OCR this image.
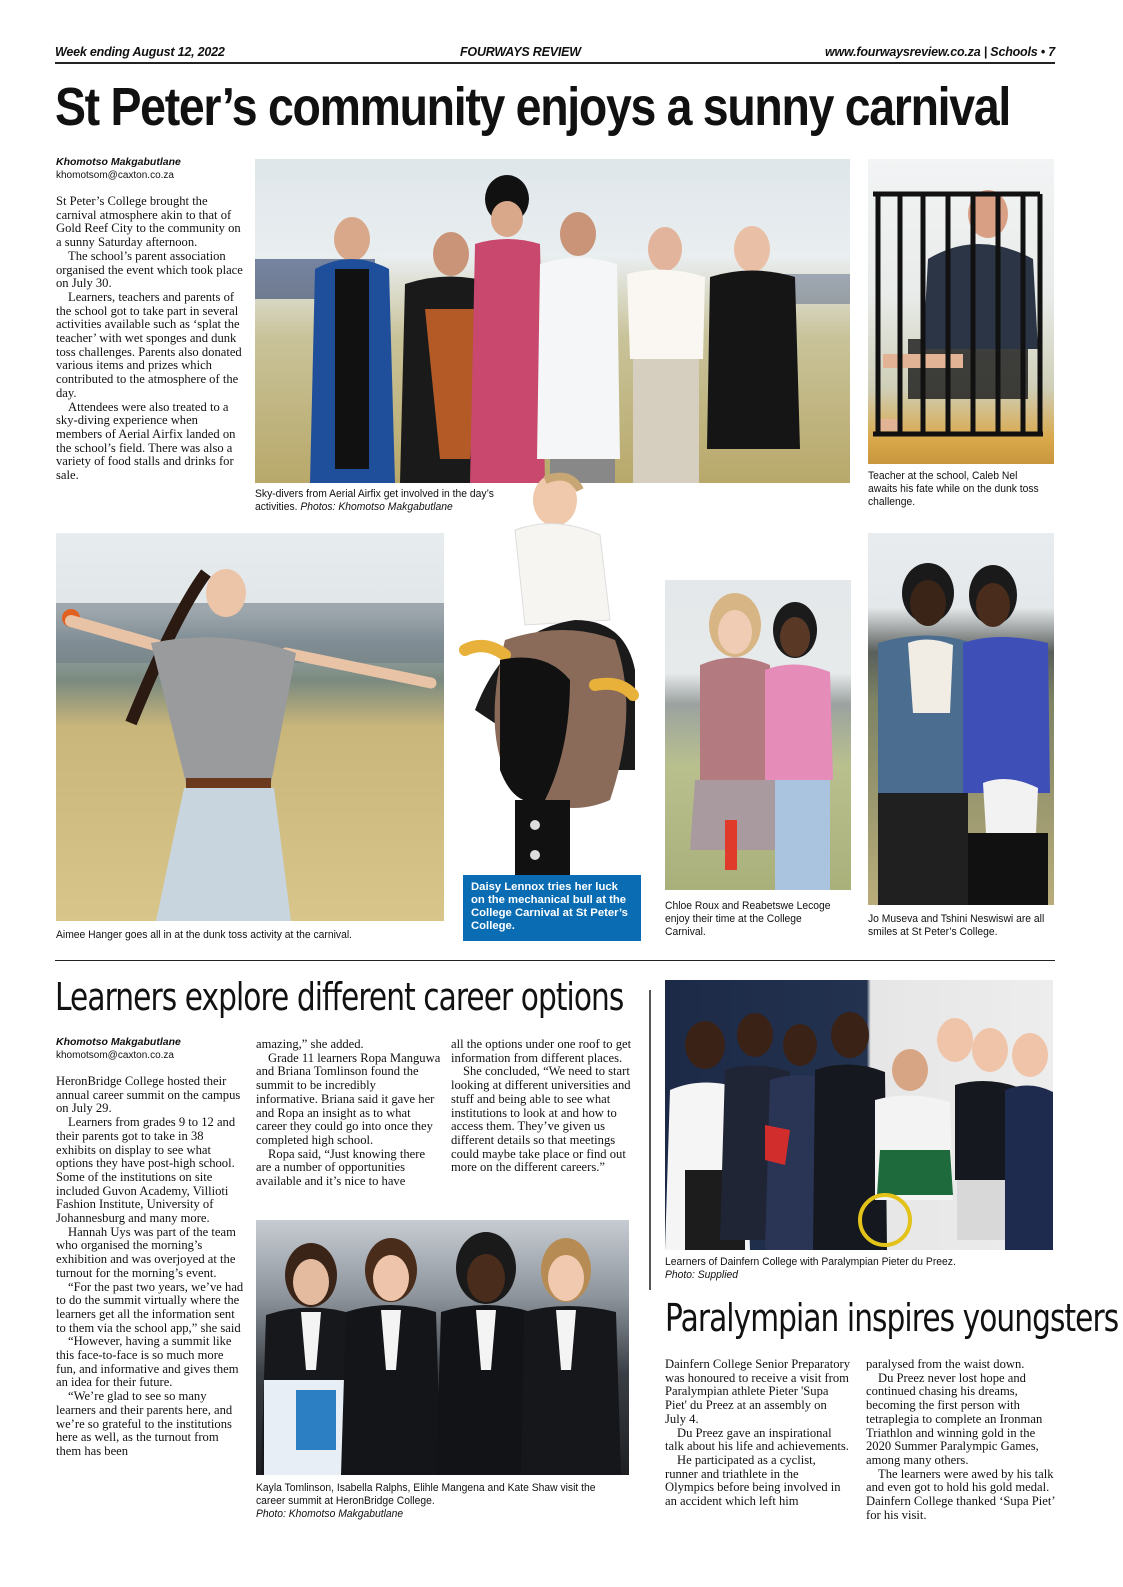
Week ending August 12, 2022	FOURWAYS REVIEW	www.fourwaysreview.co.za | Schools • 7
St Peter’s community enjoys a sunny carnival
Khomotso Makgabutlane
khomotsom@caxton.co.za

St Peter’s College brought the carnival atmosphere akin to that of Gold Reef City to the community on a sunny Saturday afternoon.

The school’s parent association organised the event which took place on July 30.

Learners, teachers and parents of the school got to take part in several activities available such as ‘splat the teacher’ with wet sponges and dunk toss challenges. Parents also donated various items and prizes which contributed to the atmosphere of the day.

Attendees were also treated to a sky-diving experience when members of Aerial Airfix landed on the school’s field. There was also a variety of food stalls and drinks for sale.

Sky-divers from Aerial Airfix get involved in the day’s activities. Photos: Khomotso Makgabutlane
Teacher at the school, Caleb Nel awaits his fate while on the dunk toss challenge.
Aimee Hanger goes all in at the dunk toss activity at the carnival.
Daisy Lennox tries her luck on the mechanical bull at the College Carnival at St Peter’s College.
Chloe Roux and Reabetswe Lecoge enjoy their time at the College Carnival.
Jo Museva and Tshini Neswiswi are all smiles at St Peter’s College.
Learners explore different career options
Khomotso Makgabutlane
khomotsom@caxton.co.za

HeronBridge College hosted their annual career summit on the campus on July 29.

Learners from grades 9 to 12 and their parents got to take in 38 exhibits on display to see what options they have post-high school. Some of the institutions on site included Guvon Academy, Villioti Fashion Institute, University of Johannesburg and many more.

Hannah Uys was part of the team who organised the morning’s exhibition and was overjoyed at the turnout for the morning’s event.

“For the past two years, we’ve had to do the summit virtually where the learners get all the information sent to them via the school app,” she said

“However, having a summit like this face-to-face is so much more fun, and informative and gives them an idea for their future.

“We’re glad to see so many learners and their parents here, and we’re so grateful to the institutions here as well, as the turnout from them has been

amazing,” she added.

Grade 11 learners Ropa Manguwa and Briana Tomlinson found the summit to be incredibly informative. Briana said it gave her and Ropa an insight as to what career they could go into once they completed high school.

Ropa said, “Just knowing there are a number of opportunities available and it’s nice to have

all the options under one roof to get information from different places.

She concluded, “We need to start looking at different universities and stuff and being able to see what institutions to look at and how to access them. They’ve given us different details so that meetings could maybe take place or find out more on the different careers.”

Kayla Tomlinson, Isabella Ralphs, Elihle Mangena and Kate Shaw visit the career summit at HeronBridge College.
Photo: Khomotso Makgabutlane
Learners of Dainfern College with Paralympian Pieter du Preez.
Photo: Supplied
Paralympian inspires youngsters

Dainfern College Senior Preparatory was honoured to receive a visit from Paralympian athlete Pieter 'Supa Piet' du Preez at an assembly on July 4.

Du Preez gave an inspirational talk about his life and achievements.

He participated as a cyclist, runner and triathlete in the Olympics before being involved in an accident which left him

paralysed from the waist down.

Du Preez never lost hope and continued chasing his dreams, becoming the first person with tetraplegia to complete an Ironman Triathlon and winning gold in the 2020 Summer Paralympic Games, among many others.

The learners were awed by his talk and even got to hold his gold medal. Dainfern College thanked ‘Supa Piet’ for his visit.
